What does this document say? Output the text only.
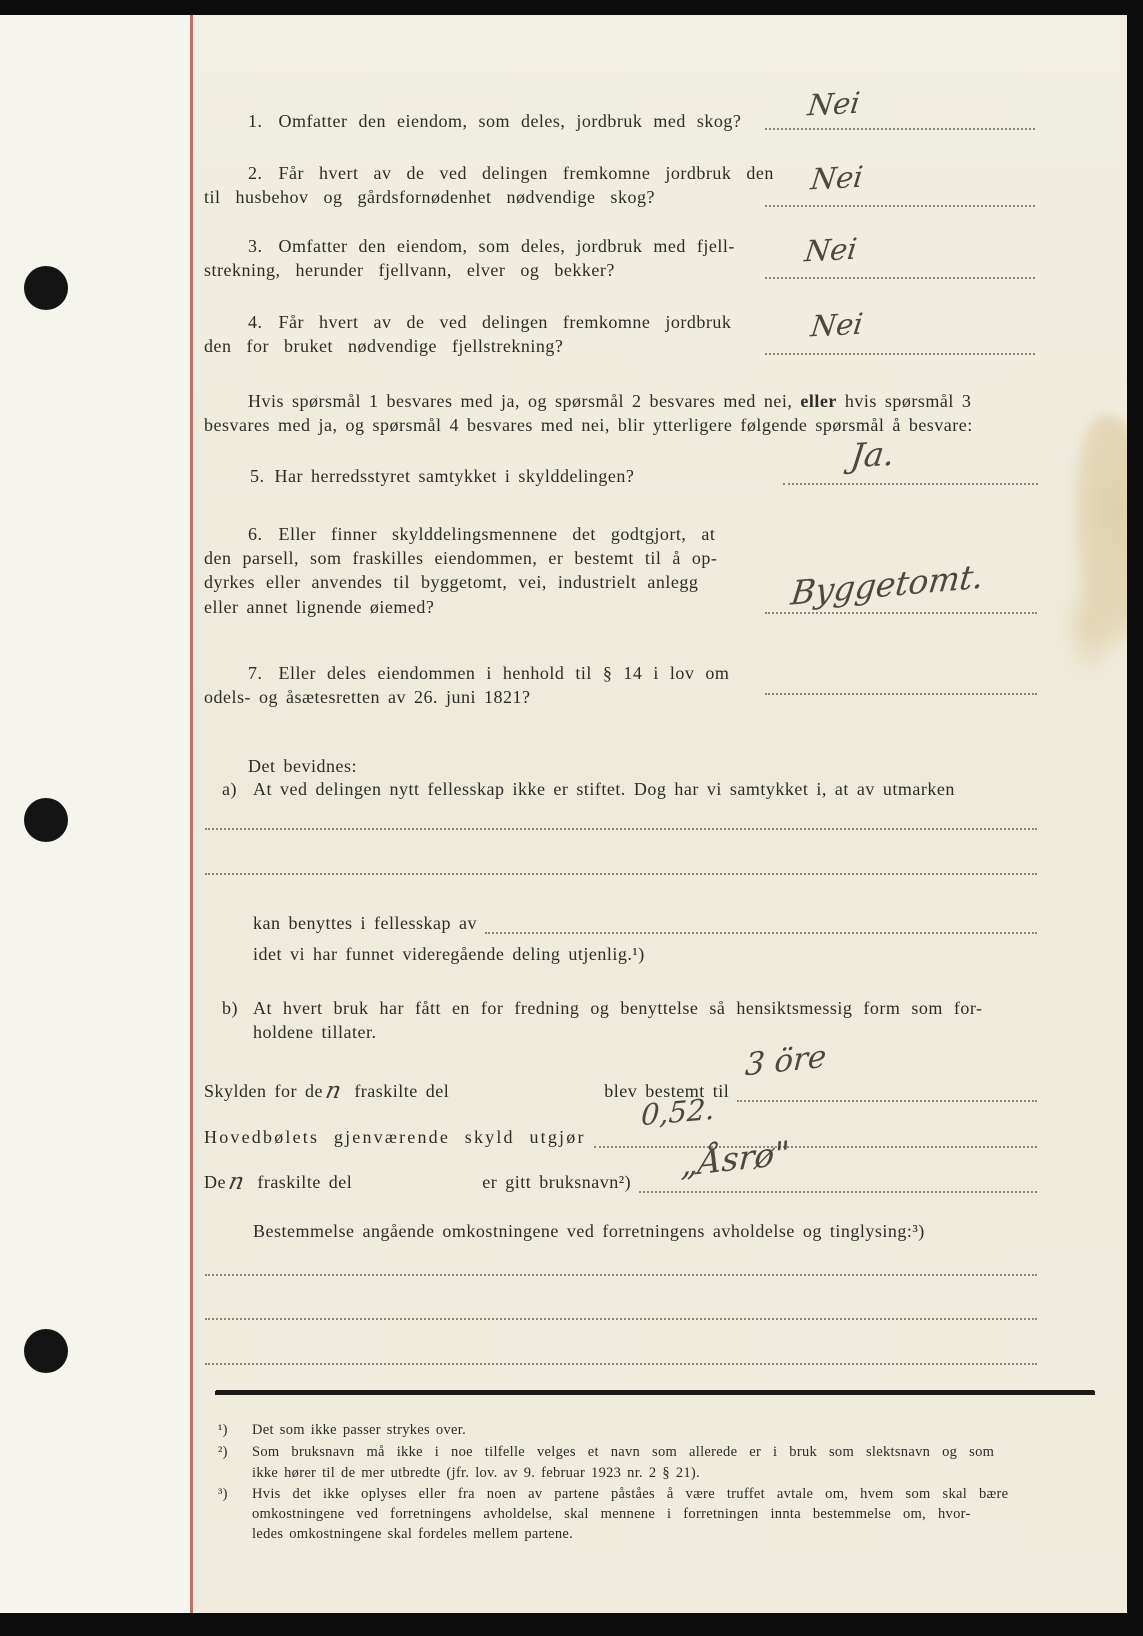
1. Omfatter den eiendom, som deles, jordbruk med skog? Nei
2. Får hvert av de ved delingen fremkomne jordbruk den
til husbehov og gårdsfornødenhet nødvendige skog?
Nei
3. Omfatter den eiendom, som deles, jordbruk med fjell-
strekning, herunder fjellvann, elver og bekker?
Nei
4. Får hvert av de ved delingen fremkomne jordbruk
den for bruket nødvendige fjellstrekning?
Nei
Hvis spørsmål 1 besvares med ja, og spørsmål 2 besvares med nei, eller hvis spørsmål 3
besvares med ja, og spørsmål 4 besvares med nei, blir ytterligere følgende spørsmål å besvare:
5. Har herredsstyret samtykket i skylddelingen?
Ja.
6. Eller finner skylddelingsmennene det godtgjort, at
den parsell, som fraskilles eiendommen, er bestemt til å op-
dyrkes eller anvendes til byggetomt, vei, industrielt anlegg
eller annet lignende øiemed?	Byggetomt.
7. Eller deles eiendommen i henhold til § 14 i lov om
odels- og åsætesretten av 26. juni 1821?
Det bevidnes:
a) At ved delingen nytt fellesskap ikke er stiftet. Dog har vi samtykket i, at av utmarken
kan benyttes i fellesskap av
idet vi har funnet videregående deling utjenlig.¹)
b) At hvert bruk har fått en for fredning og benyttelse så hensiktsmessig form som for-
holdene tillater.
Skylden for de n fraskilte del	blev bestemt til
3 öre
Hovedbølets gjenværende skyld utgjør
0,52.
De n fraskilte del	er gitt bruksnavn²) „Åsrø"
Bestemmelse angående omkostningene ved forretningens avholdelse og tinglysing:³)
¹) Det som ikke passer strykes over.
²) Som bruksnavn må ikke i noe tilfelle velges et navn som allerede er i bruk som slektsnavn og som
ikke hører til de mer utbredte (jfr. lov. av 9. februar 1923 nr. 2 § 21).
³) Hvis det ikke oplyses eller fra noen av partene påståes å være truffet avtale om, hvem som skal bære
omkostningene ved forretningens avholdelse, skal mennene i forretningen innta bestemmelse om, hvor-
ledes omkostningene skal fordeles mellem partene.
